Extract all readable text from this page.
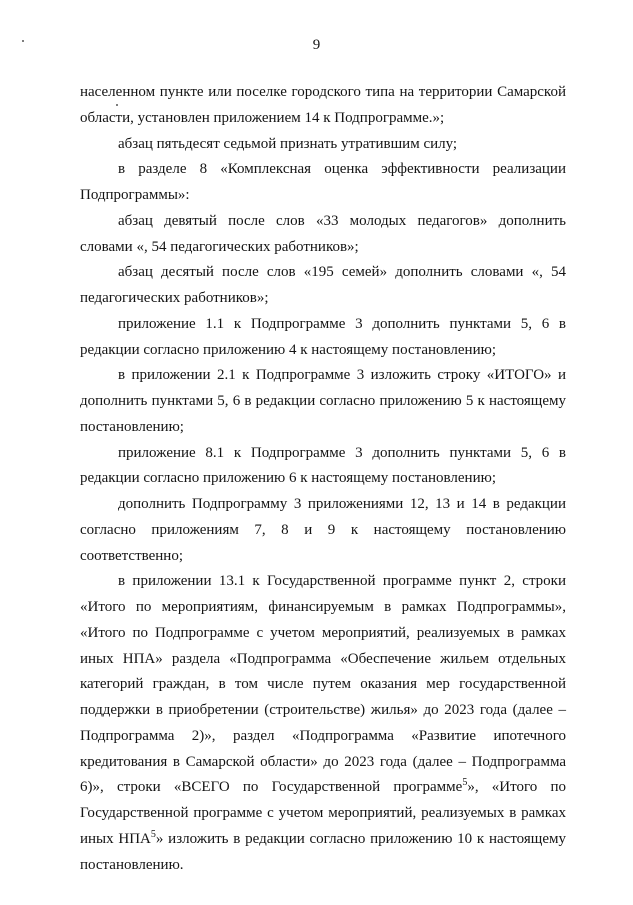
9

населенном пункте или поселке городского типа на территории Самарской области, установлен приложением 14 к Подпрограмме.»;

абзац пятьдесят седьмой признать утратившим силу;

в разделе 8 «Комплексная оценка эффективности реализации Подпрограммы»:

абзац девятый после слов «33 молодых педагогов» дополнить словами «, 54 педагогических работников»;

абзац десятый после слов «195 семей» дополнить словами «, 54 педагогических работников»;

приложение 1.1 к Подпрограмме 3 дополнить пунктами 5, 6 в редакции согласно приложению 4 к настоящему постановлению;

в приложении 2.1 к Подпрограмме 3 изложить строку «ИТОГО» и дополнить пунктами 5, 6 в редакции согласно приложению 5 к настоящему постановлению;

приложение 8.1 к Подпрограмме 3 дополнить пунктами 5, 6 в редакции согласно приложению 6 к настоящему постановлению;

дополнить Подпрограмму 3 приложениями 12, 13 и 14 в редакции согласно приложениям 7, 8 и 9 к настоящему постановлению соответственно;

в приложении 13.1 к Государственной программе пункт 2, строки «Итого по мероприятиям, финансируемым в рамках Подпрограммы», «Итого по Подпрограмме с учетом мероприятий, реализуемых в рамках иных НПА» раздела «Подпрограмма «Обеспечение жильем отдельных категорий граждан, в том числе путем оказания мер государственной поддержки в приобретении (строительстве) жилья» до 2023 года (далее – Подпрограмма 2)», раздел «Подпрограмма «Развитие ипотечного кредитования в Самарской области» до 2023 года (далее – Подпрограмма 6)», строки «ВСЕГО по Государственной программе$^5$», «Итого по Государственной программе с учетом мероприятий, реализуемых в рамках иных НПА$^5$» изложить в редакции согласно приложению 10 к настоящему постановлению.
